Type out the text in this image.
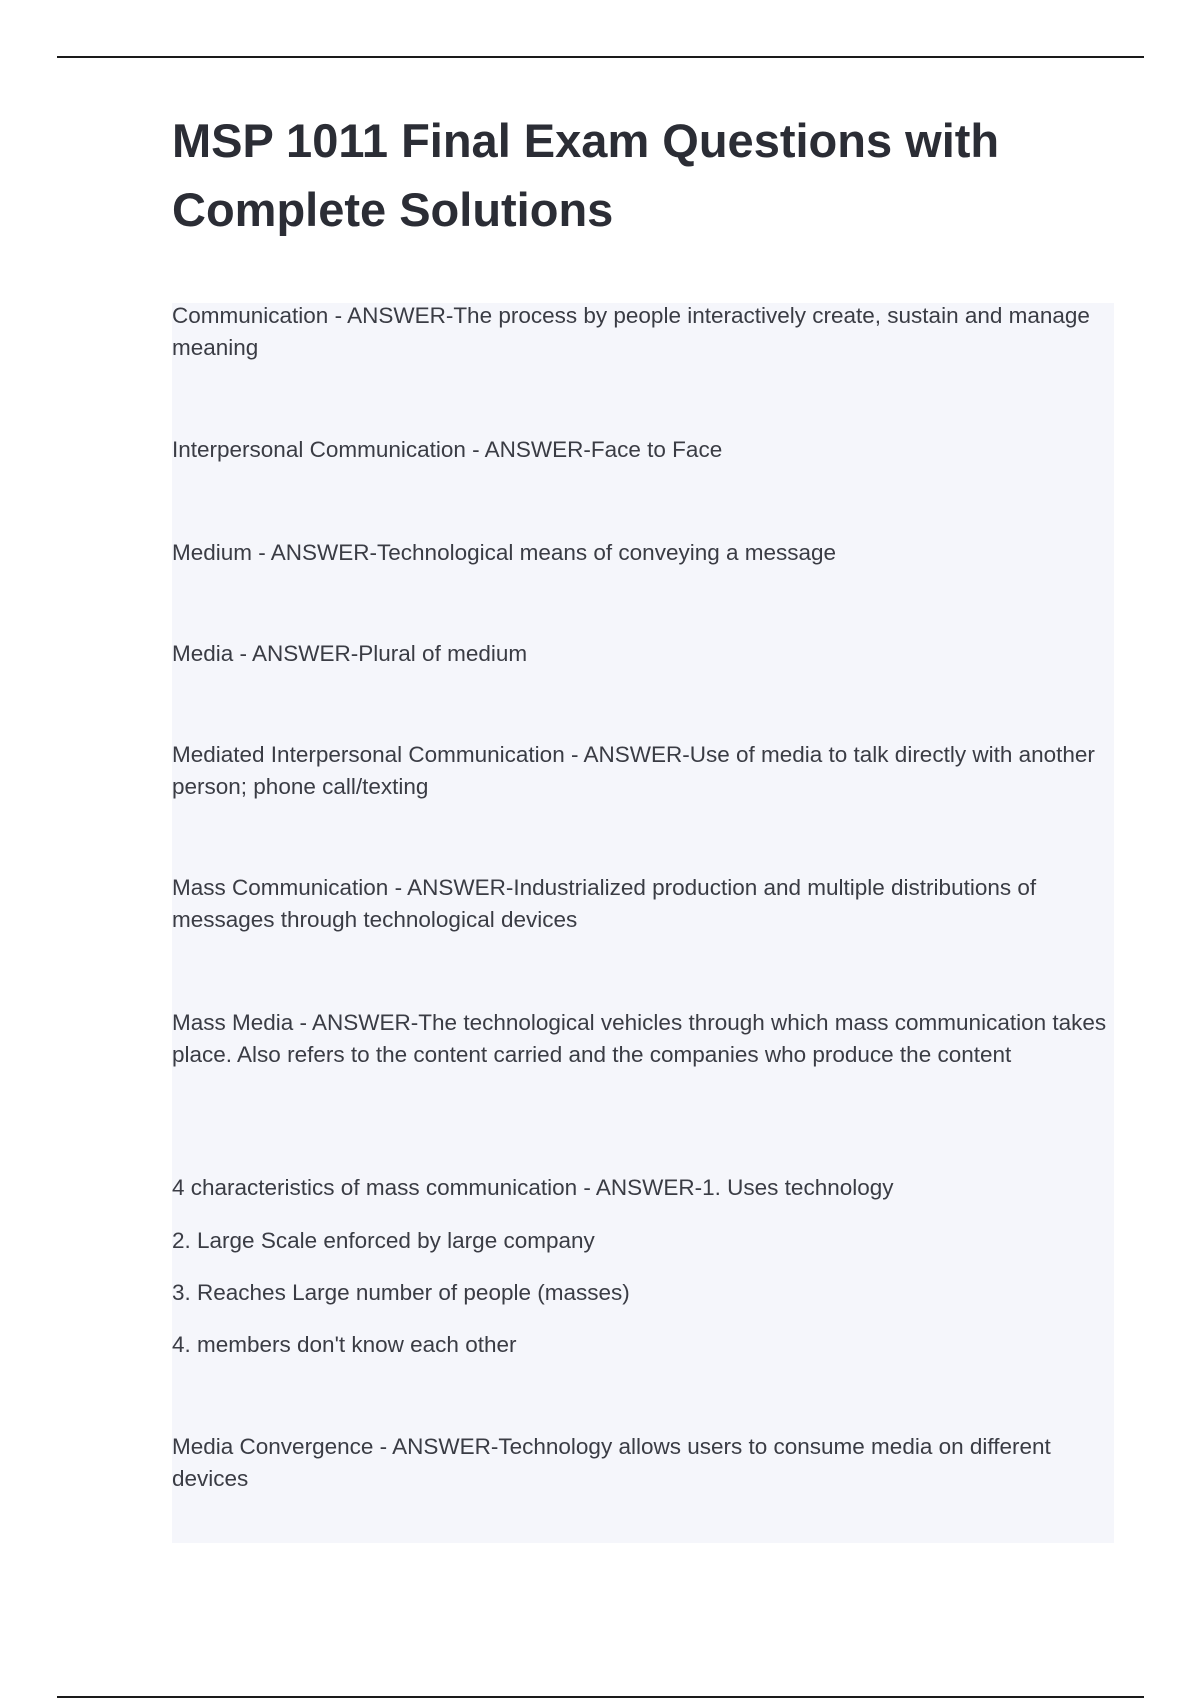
MSP 1011 Final Exam Questions with Complete Solutions

Communication - ANSWER-The process by people interactively create, sustain and manage meaning

Interpersonal Communication - ANSWER-Face to Face

Medium - ANSWER-Technological means of conveying a message

Media - ANSWER-Plural of medium

Mediated Interpersonal Communication - ANSWER-Use of media to talk directly with another person; phone call/texting

Mass Communication - ANSWER-Industrialized production and multiple distributions of messages through technological devices

Mass Media - ANSWER-The technological vehicles through which mass communication takes place. Also refers to the content carried and the companies who produce the content

4 characteristics of mass communication - ANSWER-1. Uses technology

2. Large Scale enforced by large company

3. Reaches Large number of people (masses)

4. members don't know each other

Media Convergence - ANSWER-Technology allows users to consume media on different devices
